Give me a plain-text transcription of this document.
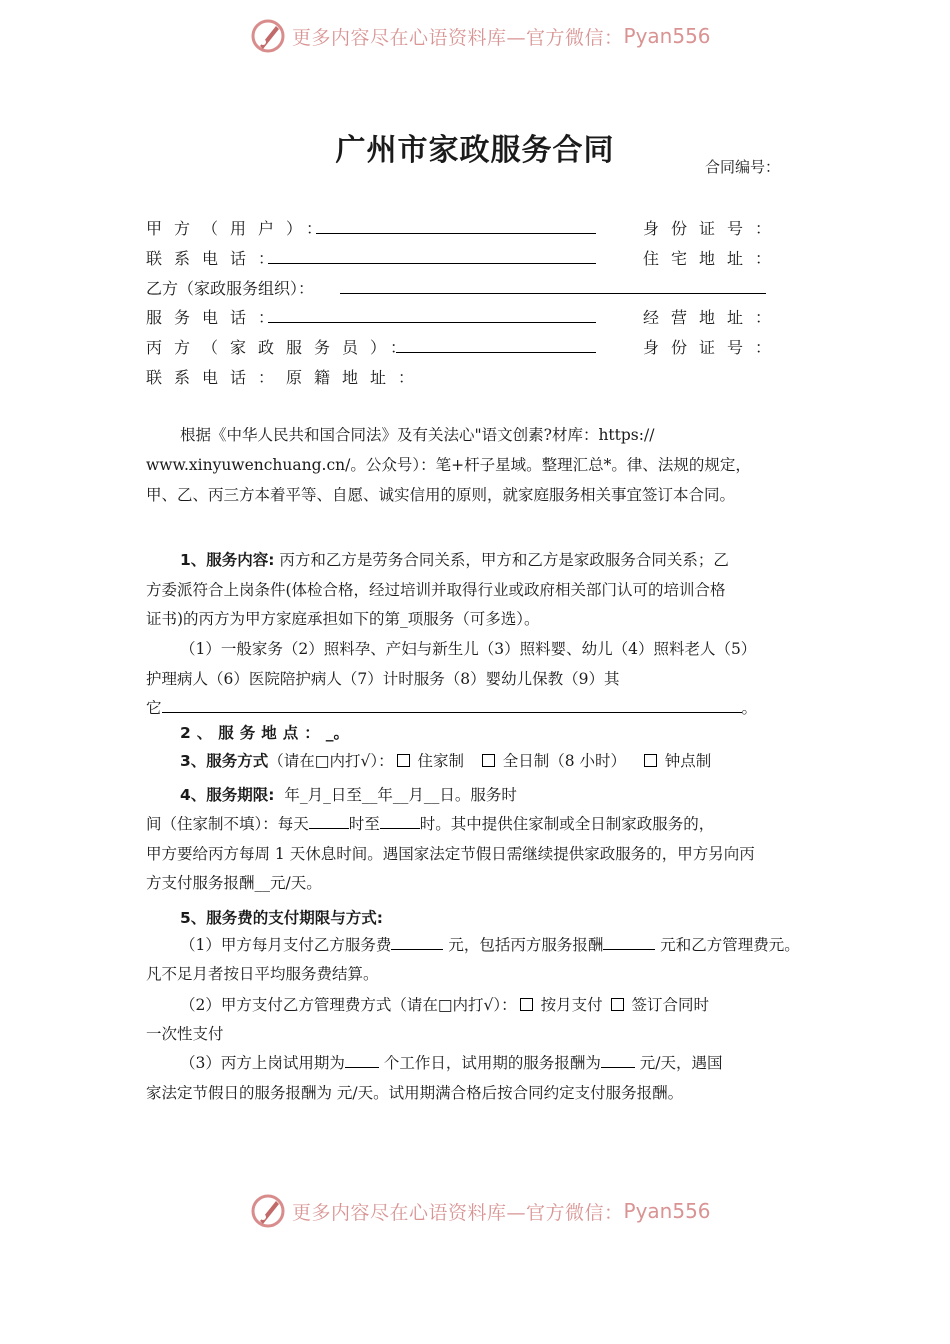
更多内容尽在心语资料库—官方微信： Pyan556
广州市家政服务合同	合同编号：
甲方（用户）：	身份证号：
联系电话：	住宅地址：
乙方（家政服务组织）：
服务电话：	经营地址：
丙方（家政服务员）：	身份证号：
联系电话：原籍地址：
根据《中华人民共和国合同法》及有关法心"语文创素?材库：https://
www.xinyuwenchuang.cn/。公众号）：笔+杆子星域。整理汇总*。律、法规的规定，
甲、乙、丙三方本着平等、自愿、诚实信用的原则，就家庭服务相关事宜签订本合同。
1、服务内容: 丙方和乙方是劳务合同关系，甲方和乙方是家政服务合同关系；乙
方委派符合上岗条件(体检合格，经过培训并取得行业或政府相关部门认可的培训合格
证书)的丙方为甲方家庭承担如下的第_项服务（可多选）。
（1）一般家务（2）照料孕、产妇与新生儿（3）照料婴、幼儿（4）照料老人（5）
护理病人（6）医院陪护病人（7）计时服务（8）婴幼儿保教（9）其
它	。
2、服务地点：_。
3、服务方式（请在□内打√）： 住家制 全日制（8 小时） 钟点制
4、服务期限: 年_月_日至__年__月__日。服务时
间（住家制不填）：每天	时至	时。其中提供住家制或全日制家政服务的，
甲方要给丙方每周 1 天休息时间。遇国家法定节假日需继续提供家政服务的，甲方另向丙
方支付服务报酬__元/天。
5、服务费的支付期限与方式:
（1）甲方每月支付乙方服务费	元，包括丙方服务报酬	元和乙方管理费元。
凡不足月者按日平均服务费结算。
（2）甲方支付乙方管理费方式（请在□内打√）： 按月支付 签订合同时
一次性支付
（3）丙方上岗试用期为	个工作日，试用期的服务报酬为	元/天，遇国
家法定节假日的服务报酬为 元/天。试用期满合格后按合同约定支付服务报酬。
更多内容尽在心语资料库—官方微信： Pyan556
